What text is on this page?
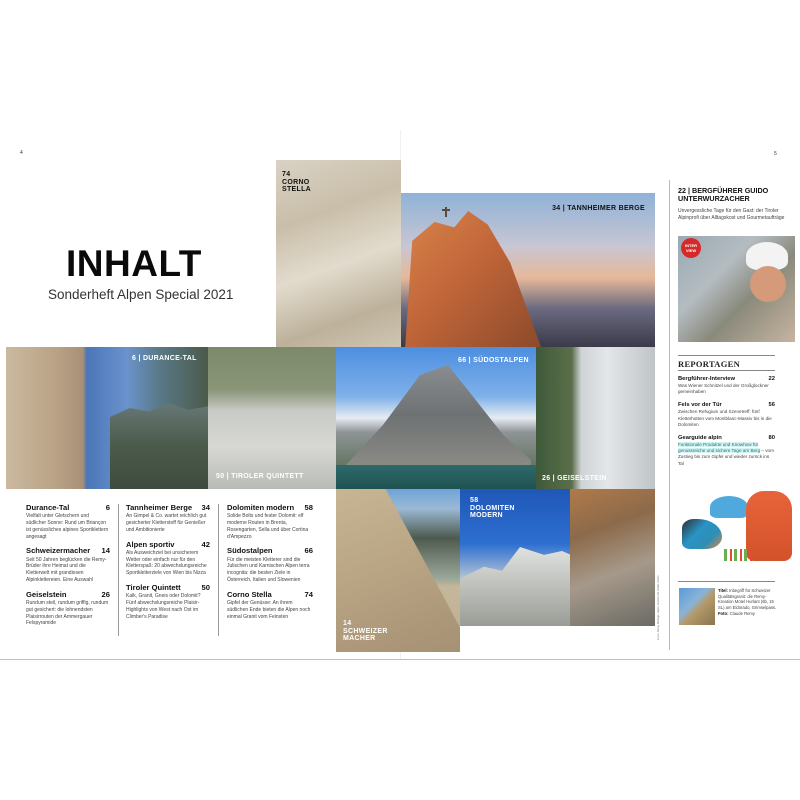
4	5
INHALT
Sonderheft Alpen Special 2021
74
CORNO
STELLA
34 | TANNHEIMER BERGE
6 | DURANCE-TAL
50 | TIROLER QUINTETT
66 | SÜDOSTALPEN
26 | GEISELSTEIN
14
SCHWEIZER
MACHER
58
DOLOMITEN
MODERN
Durance-Tal	6
Vielfalt unter Gletschern und südlicher Sonne: Rund um Briançon ist genüssliches alpines Sportklettern angesagt
Schweizermacher 14
Seit 50 Jahren beglücken die Remy-Brüder ihre Heimat und die Kletterwelt mit grandiosen Alpinklettereien. Eine Auswahl
Geiselstein	26
Rundum steil, rundum griffig, rundum gut gesichert: die lohnendsten Plaisirrouten der Ammergauer Felspyramide
Tannheimer Berge 34
An Gimpel & Co. wartet reichlich gut gesicherter Kletterstoff für Genießer und Ambitionierte
Alpen sportiv	42
Als Ausweichziel bei unsicherem Wetter oder einfach nur für den Kletterspaß: 20 abwechslungsreiche Sportkletterziele von Wien bis Nizza
Tiroler Quintett	50
Kalk, Granit, Gneis oder Dolomit? Fünf abwechslungsreiche Plaisir-Highlights von West nach Ost im Climber's Paradise
Dolomiten modern 58
Solide Bolts und fester Dolomit: elf moderne Routen in Brenta, Rosengarten, Sella und über Cortina d'Ampezzo
Südostalpen	66
Für die meisten Kletterer sind die Julischen und Karnischen Alpen terra incognita: die besten Ziele in Österreich, Italien und Slowenien
Corno Stella	74
Gipfel der Genüsse: An ihrem südlichen Ende bieten die Alpen noch einmal Granit vom Feinsten	Fotos: Remy, Beiträge, Alpen, Autoren der Artikel, Archiv
22 | BERGFÜHRER GUIDO UNTERWURZACHER
Unvergessliche Tage für den Gast: der Tiroler Alpinprofi über Alltagskost und Gourmetaufträge
INTER VIEW
REPORTAGEN
Bergführer-Interview	22
Was Wiener Schnitzel und der Großglockner gemeinhaben
Fels vor der Tür	56
Zwischen Refugium und Szenetreff: fünf Kletterhütten vom Montblanc-Massiv bis in die Dolomiten
Gearguide alpin	80
Funktionale Produkte und Knowhow für genussreiche und sichere Tage am Berg – vom Zustieg bis zum Gipfel und wieder zurück ins Tal
Titel: Inbegriff für Schweizer Qualitätsgranit: die Remy-Kreation Motel Hurlant (6b, 15 SL) am Eldorado, Grimselpass. Foto: Claude Remy
